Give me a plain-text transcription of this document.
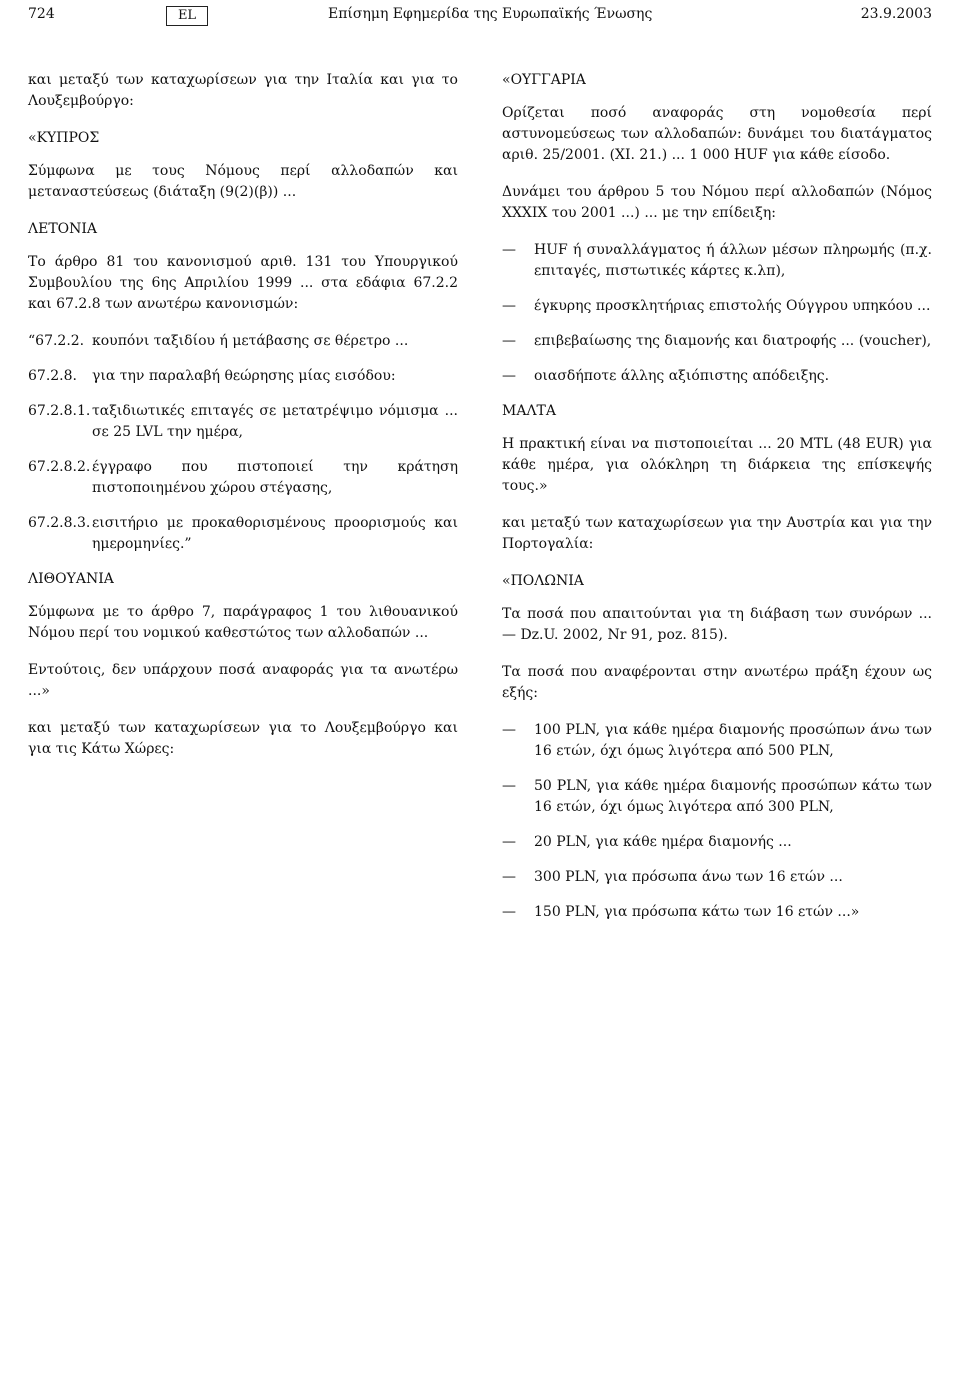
724	EL	Επίσημη Εφημερίδα της Ευρωπαϊκής Ένωσης	23.9.2003

και μεταξύ των καταχωρίσεων για την Ιταλία και για το Λουξεμβούργο:

«ΚΥΠΡΟΣ

Σύμφωνα με τους Νόμους περί αλλοδαπών και μεταναστεύσεως (διάταξη (9(2)(β)) ...

ΛΕΤΟΝΙΑ

Το άρθρο 81 του κανονισμού αριθ. 131 του Υπουργικού Συμβουλίου της 6ης Απριλίου 1999 ... στα εδάφια 67.2.2 και 67.2.8 των ανωτέρω κανονισμών:

“67.2.2. κουπόνι ταξιδίου ή μετάβασης σε θέρετρο ...

67.2.8.	για την παραλαβή θεώρησης μίας εισόδου:

67.2.8.1. ταξιδιωτικές επιταγές σε μετατρέψιμο νόμισμα ... σε 25 LVL την ημέρα,

67.2.8.2. έγγραφο που πιστοποιεί την κράτηση πιστοποιημένου χώρου στέγασης,

67.2.8.3. εισιτήριο με προκαθορισμένους προορισμούς και ημερομηνίες.”

ΛΙΘΟΥΑΝΙΑ

Σύμφωνα με το άρθρο 7, παράγραφος 1 του λιθουανικού Νόμου περί του νομικού καθεστώτος των αλλοδαπών ...

Εντούτοις, δεν υπάρχουν ποσά αναφοράς για τα ανωτέρω ...»

και μεταξύ των καταχωρίσεων για το Λουξεμβούργο και για τις Κάτω Χώρες:

«ΟΥΓΓΑΡΙΑ

Ορίζεται ποσό αναφοράς στη νομοθεσία περί αστυνομεύσεως των αλλοδαπών: δυνάμει του διατάγματος αριθ. 25/2001. (XI. 21.) ... 1 000 HUF για κάθε είσοδο.

Δυνάμει του άρθρου 5 του Νόμου περί αλλοδαπών (Νόμος XXXIX του 2001 ...) ... με την επίδειξη:

—	HUF ή συναλλάγματος ή άλλων μέσων πληρωμής (π.χ. επιταγές, πιστωτικές κάρτες κ.λπ),

—	έγκυρης προσκλητήριας επιστολής Ούγγρου υπηκόου ...

—	επιβεβαίωσης της διαμονής και διατροφής ... (voucher),

—	οιασδήποτε άλλης αξιόπιστης απόδειξης.

ΜΑΛΤΑ

Η πρακτική είναι να πιστοποιείται ... 20 MTL (48 EUR) για κάθε ημέρα, για ολόκληρη τη διάρκεια της επίσκεψής τους.»

και μεταξύ των καταχωρίσεων για την Αυστρία και για την Πορτογαλία:

«ΠΟΛΩΝΙΑ

Τα ποσά που απαιτούνται για τη διάβαση των συνόρων ... — Dz.U. 2002, Nr 91, poz. 815).

Τα ποσά που αναφέρονται στην ανωτέρω πράξη έχουν ως εξής:

—	100 PLN, για κάθε ημέρα διαμονής προσώπων άνω των 16 ετών, όχι όμως λιγότερα από 500 PLN,

—	50 PLN, για κάθε ημέρα διαμονής προσώπων κάτω των 16 ετών, όχι όμως λιγότερα από 300 PLN,

—	20 PLN, για κάθε ημέρα διαμονής ...

—	300 PLN, για πρόσωπα άνω των 16 ετών ...

—	150 PLN, για πρόσωπα κάτω των 16 ετών ...»
